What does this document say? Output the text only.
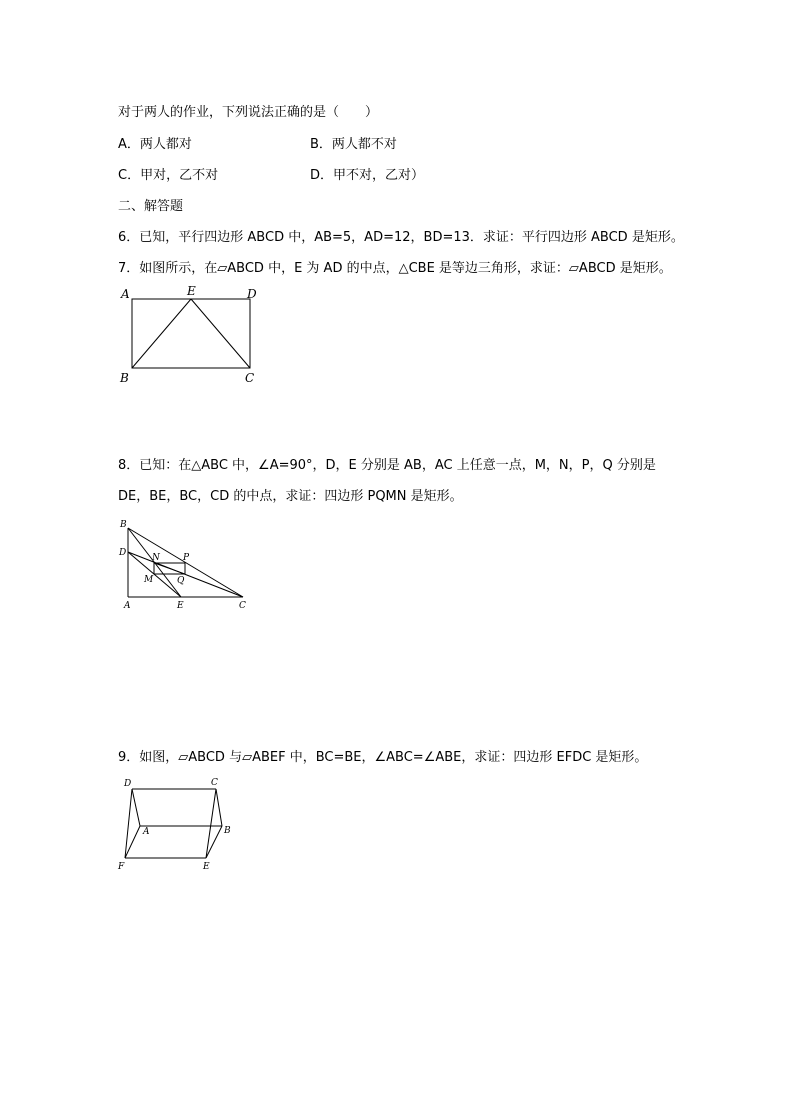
对于两人的作业，下列说法正确的是（　　）
A．两人都对	B．两人都不对
C．甲对，乙不对	D．甲不对，乙对）
二、解答题
6．已知，平行四边形 ABCD 中，AB=5，AD=12，BD=13．求证：平行四边形 ABCD 是矩形。
7．如图所示，在▱ABCD 中，E 为 AD 的中点，△CBE 是等边三角形，求证：▱ABCD 是矩形。
A	E	D
B	C
8．已知：在△ABC 中，∠A=90°，D，E 分别是 AB，AC 上任意一点，M，N，P，Q 分别是
DE，BE，BC，CD 的中点，求证：四边形 PQMN 是矩形。
B
D	N	P
M	Q
A	E	C
9．如图，▱ABCD 与▱ABEF 中，BC=BE，∠ABC=∠ABE，求证：四边形 EFDC 是矩形。
D	C
A	B
F	E
